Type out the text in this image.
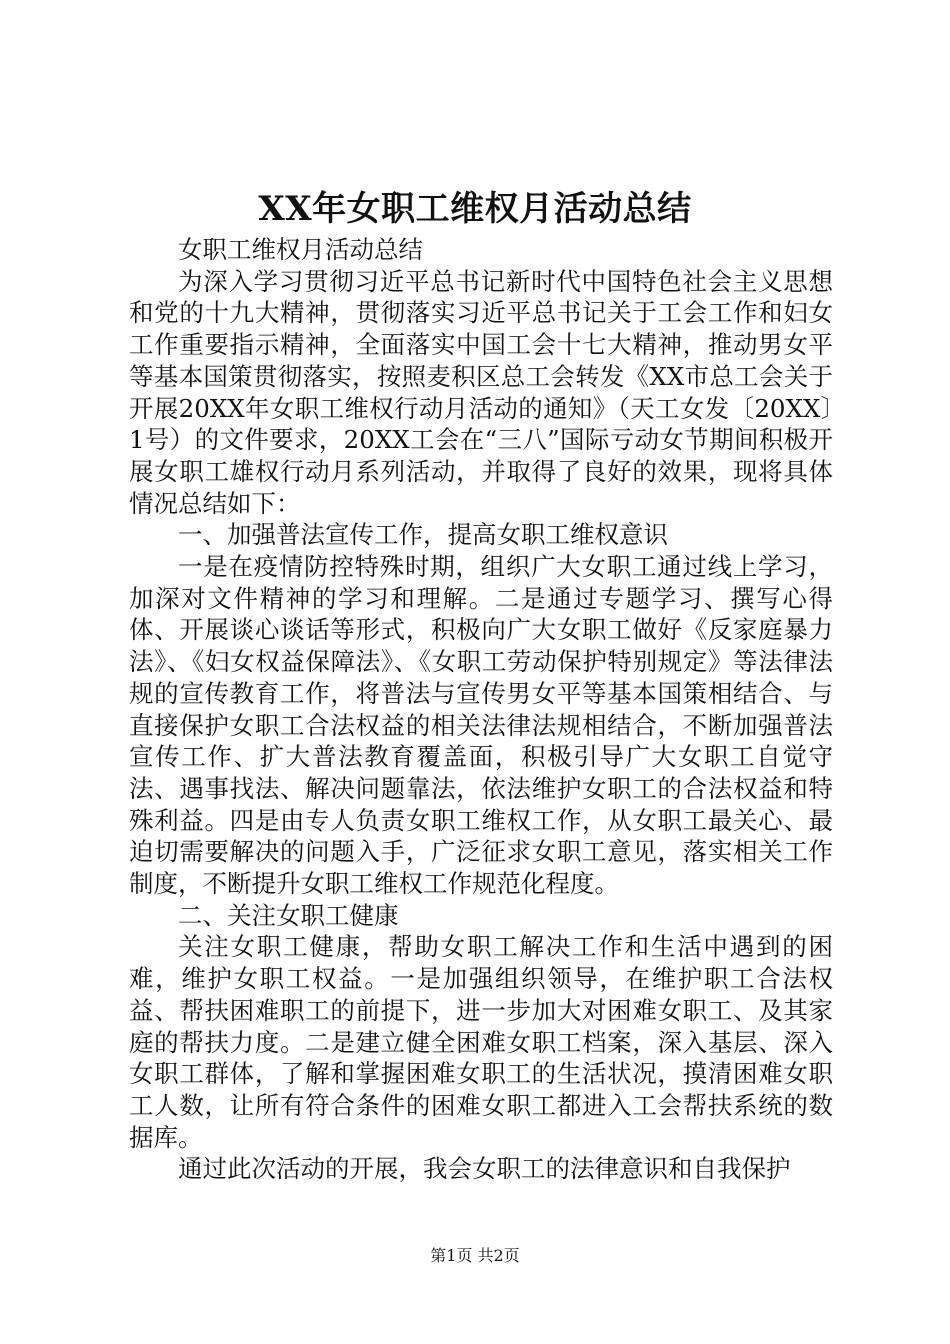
XX年女职工维权月活动总结

女职工维权月活动总结

为深入学习贯彻习近平总书记新时代中国特色社会主义思想和党的十九大精神，贯彻落实习近平总书记关于工会工作和妇女工作重要指示精神，全面落实中国工会十七大精神，推动男女平等基本国策贯彻落实，按照麦积区总工会转发《XX市总工会关于开展20XX年女职工维权行动月活动的通知》（天工女发〔20XX〕1号）的文件要求，20XX工会在“三八”国际亏动女节期间积极开展女职工雄权行动月系列活动，并取得了良好的效果，现将具体情况总结如下：

一、加强普法宣传工作，提高女职工维权意识

一是在疫情防控特殊时期，组织广大女职工通过线上学习，加深对文件精神的学习和理解。二是通过专题学习、撰写心得体、开展谈心谈话等形式，积极向广大女职工做好《反家庭暴力法》、《妇女权益保障法》、《女职工劳动保护特别规定》等法律法规的宣传教育工作，将普法与宣传男女平等基本国策相结合、与直接保护女职工合法权益的相关法律法规相结合，不断加强普法宣传工作、扩大普法教育覆盖面，积极引导广大女职工自觉守法、遇事找法、解决问题靠法，依法维护女职工的合法权益和特殊利益。四是由专人负责女职工维权工作，从女职工最关心、最迫切需要解决的问题入手，广泛征求女职工意见，落实相关工作制度，不断提升女职工维权工作规范化程度。

二、关注女职工健康

关注女职工健康，帮助女职工解决工作和生活中遇到的困难，维护女职工权益。一是加强组织领导，在维护职工合法权益、帮扶困难职工的前提下，进一步加大对困难女职工、及其家庭的帮扶力度。二是建立健全困难女职工档案，深入基层、深入女职工群体，了解和掌握困难女职工的生活状况，摸清困难女职工人数，让所有符合条件的困难女职工都进入工会帮扶系统的数据库。

通过此次活动的开展，我会女职工的法律意识和自我保护

第1页 共2页
